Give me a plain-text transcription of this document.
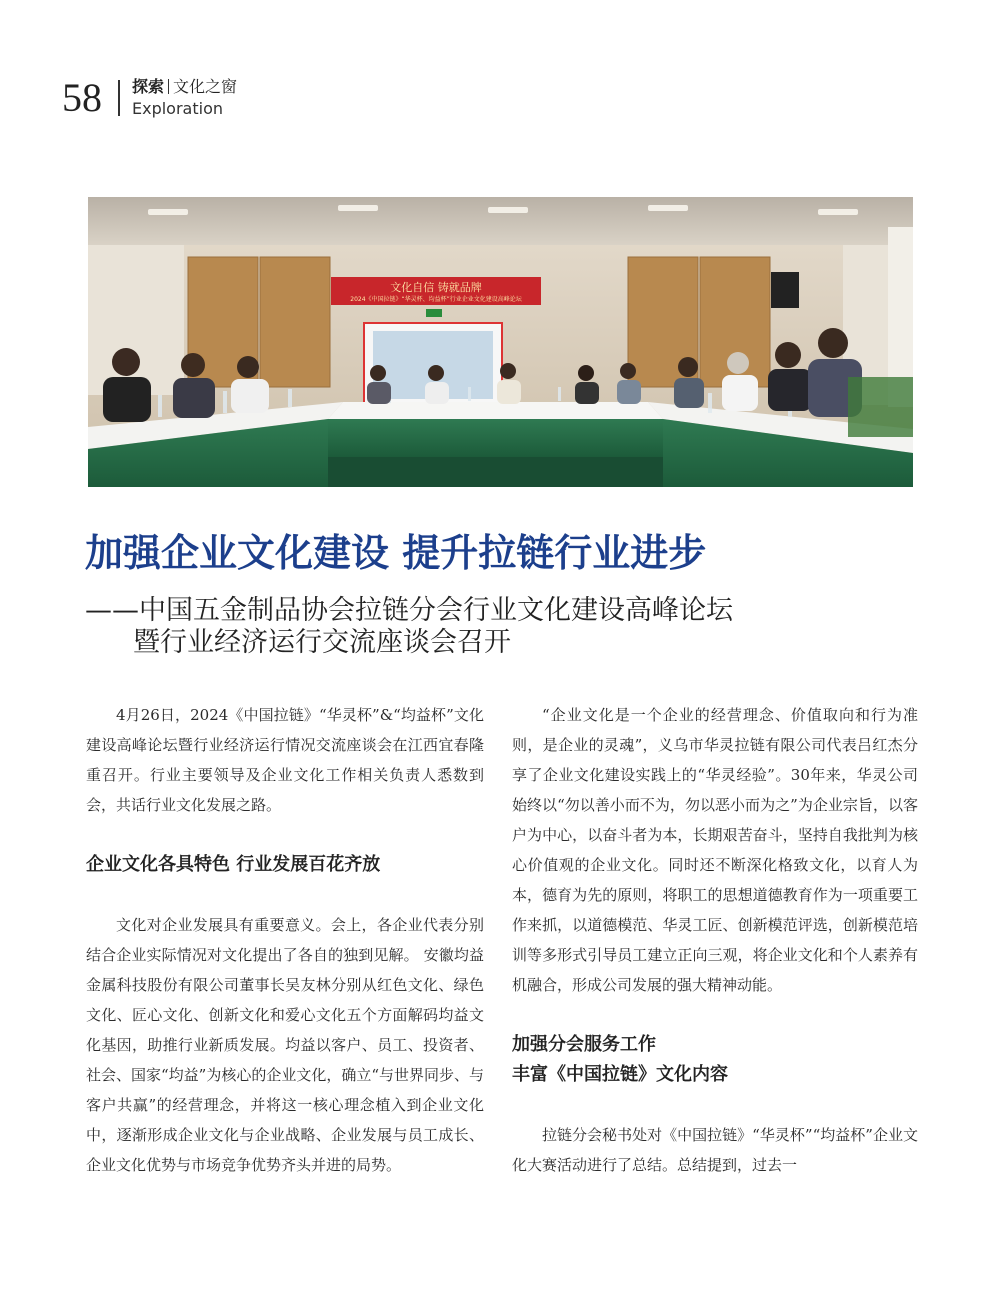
58 探索 文化之窗
Exploration
文化自信 铸就品牌
2024《中国拉链》“华灵杯、均益杯”行业企业文化建设高峰论坛
加强企业文化建设 提升拉链行业进步
——中国五金制品协会拉链分会行业文化建设高峰论坛
暨行业经济运行交流座谈会召开

4月26日，2024《中国拉链》“华灵杯”&“均益杯”文化建设高峰论坛暨行业经济运行情况交流座谈会在江西宜春隆重召开。行业主要领导及企业文化工作相关负责人悉数到会，共话行业文化发展之路。

企业文化各具特色 行业发展百花齐放

文化对企业发展具有重要意义。会上，各企业代表分别结合企业实际情况对文化提出了各自的独到见解。 安徽均益金属科技股份有限公司董事长吴友林分别从红色文化、绿色文化、匠心文化、创新文化和爱心文化五个方面解码均益文化基因，助推行业新质发展。均益以客户、员工、投资者、社会、国家“均益”为核心的企业文化，确立“与世界同步、与客户共赢”的经营理念，并将这一核心理念植入到企业文化中，逐渐形成企业文化与企业战略、企业发展与员工成长、企业文化优势与市场竞争优势齐头并进的局势。

“企业文化是一个企业的经营理念、价值取向和行为准则，是企业的灵魂”，义乌市华灵拉链有限公司代表吕红杰分享了企业文化建设实践上的“华灵经验”。30年来，华灵公司始终以“勿以善小而不为，勿以恶小而为之”为企业宗旨，以客户为中心，以奋斗者为本，长期艰苦奋斗，坚持自我批判为核心价值观的企业文化。同时还不断深化格致文化，以育人为本，德育为先的原则，将职工的思想道德教育作为一项重要工作来抓，以道德模范、华灵工匠、创新模范评选，创新模范培训等多形式引导员工建立正向三观，将企业文化和个人素养有机融合，形成公司发展的强大精神动能。

加强分会服务工作
丰富《中国拉链》文化内容

拉链分会秘书处对《中国拉链》“华灵杯”“均益杯”企业文化大赛活动进行了总结。总结提到，过去一
